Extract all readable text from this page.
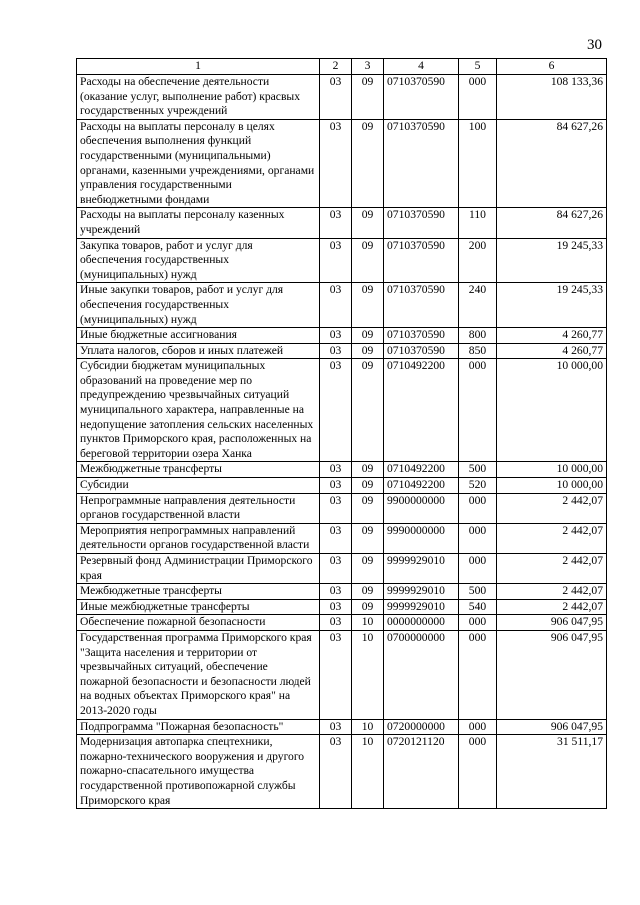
30
1	2	3	4	5	6
Расходы на обеспечение деятельности (оказание услуг, выполнение работ) красвых государственных учреждений	03	09	0710370590	000	108 133,36
Расходы на выплаты персоналу в целях обеспечения выполнения функций государственными (муниципальными) органами, казенными учреждениями, органами управления государственными внебюджетными фондами	03	09	0710370590	100	84 627,26
Расходы на выплаты персоналу казенных учреждений	03	09	0710370590	110	84 627,26
Закупка товаров, работ и услуг для обеспечения государственных (муниципальных) нужд	03	09	0710370590	200	19 245,33
Иные закупки товаров, работ и услуг для обеспечения государственных (муниципальных) нужд	03	09	0710370590	240	19 245,33
Иные бюджетные ассигнования	03	09	0710370590	800	4 260,77
Уплата налогов, сборов и иных платежей	03	09	0710370590	850	4 260,77
Субсидии бюджетам муниципальных образований на проведение мер по предупреждению чрезвычайных ситуаций муниципального характера, направленные на недопущение затопления сельских населенных пунктов Приморского края, расположенных на береговой территории озера Ханка	03	09	0710492200	000	10 000,00
Межбюджетные трансферты	03	09	0710492200	500	10 000,00
Субсидии	03	09	0710492200	520	10 000,00
Непрограммные направления деятельности органов государственной власти	03	09	9900000000	000	2 442,07
Мероприятия непрограммных направлений деятельности органов государственной власти	03	09	9990000000	000	2 442,07
Резервный фонд Администрации Приморского края	03	09	9999929010	000	2 442,07
Межбюджетные трансферты	03	09	9999929010	500	2 442,07
Иные межбюджетные трансферты	03	09	9999929010	540	2 442,07
Обеспечение пожарной безопасности	03	10	0000000000	000	906 047,95
Государственная программа Приморского края "Защита населения и территории от чрезвычайных ситуаций, обеспечение пожарной безопасности и безопасности людей на водных объектах Приморского края" на 2013-2020 годы	03	10	0700000000	000	906 047,95
Подпрограмма "Пожарная безопасность"	03	10	0720000000	000	906 047,95
Модернизация автопарка спецтехники, пожарно-технического вооружения и другого пожарно-спасательного имущества государственной противопожарной службы Приморского края	03	10	0720121120	000	31 511,17
